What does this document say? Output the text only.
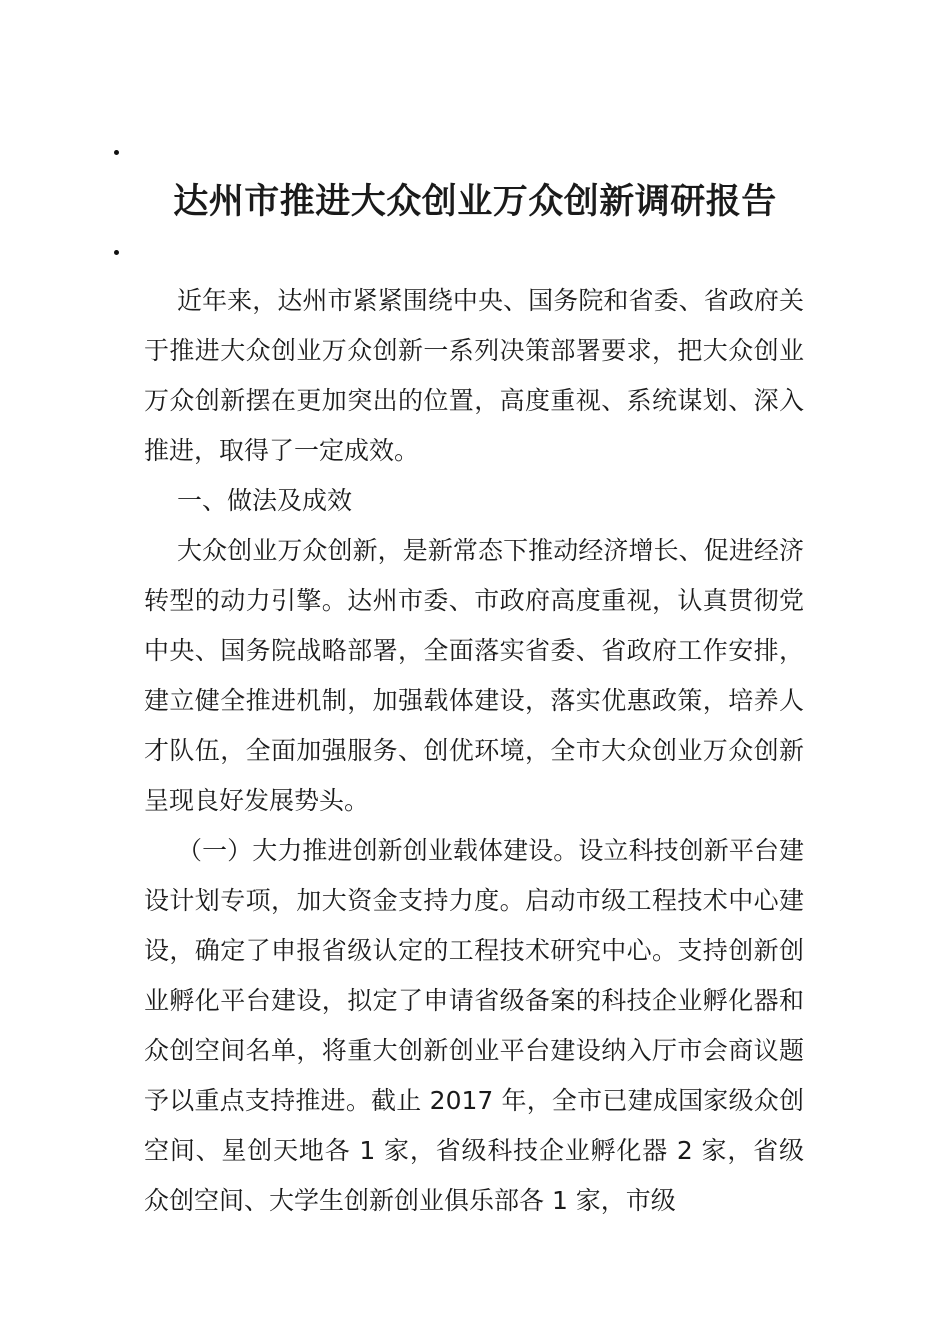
达州市推进大众创业万众创新调研报告

近年来，达州市紧紧围绕中央、国务院和省委、省政府关于推进大众创业万众创新一系列决策部署要求，把大众创业万众创新摆在更加突出的位置，高度重视、系统谋划、深入推进，取得了一定成效。

一、做法及成效

大众创业万众创新，是新常态下推动经济增长、促进经济转型的动力引擎。达州市委、市政府高度重视，认真贯彻党中央、国务院战略部署，全面落实省委、省政府工作安排，建立健全推进机制，加强载体建设，落实优惠政策，培养人才队伍，全面加强服务、创优环境，全市大众创业万众创新呈现良好发展势头。

（一）大力推进创新创业载体建设。设立科技创新平台建设计划专项，加大资金支持力度。启动市级工程技术中心建设，确定了申报省级认定的工程技术研究中心。支持创新创业孵化平台建设，拟定了申请省级备案的科技企业孵化器和众创空间名单，将重大创新创业平台建设纳入厅市会商议题予以重点支持推进。截止 2017 年，全市已建成国家级众创空间、星创天地各 1 家，省级科技企业孵化器 2 家，省级众创空间、大学生创新创业俱乐部各 1 家，市级
